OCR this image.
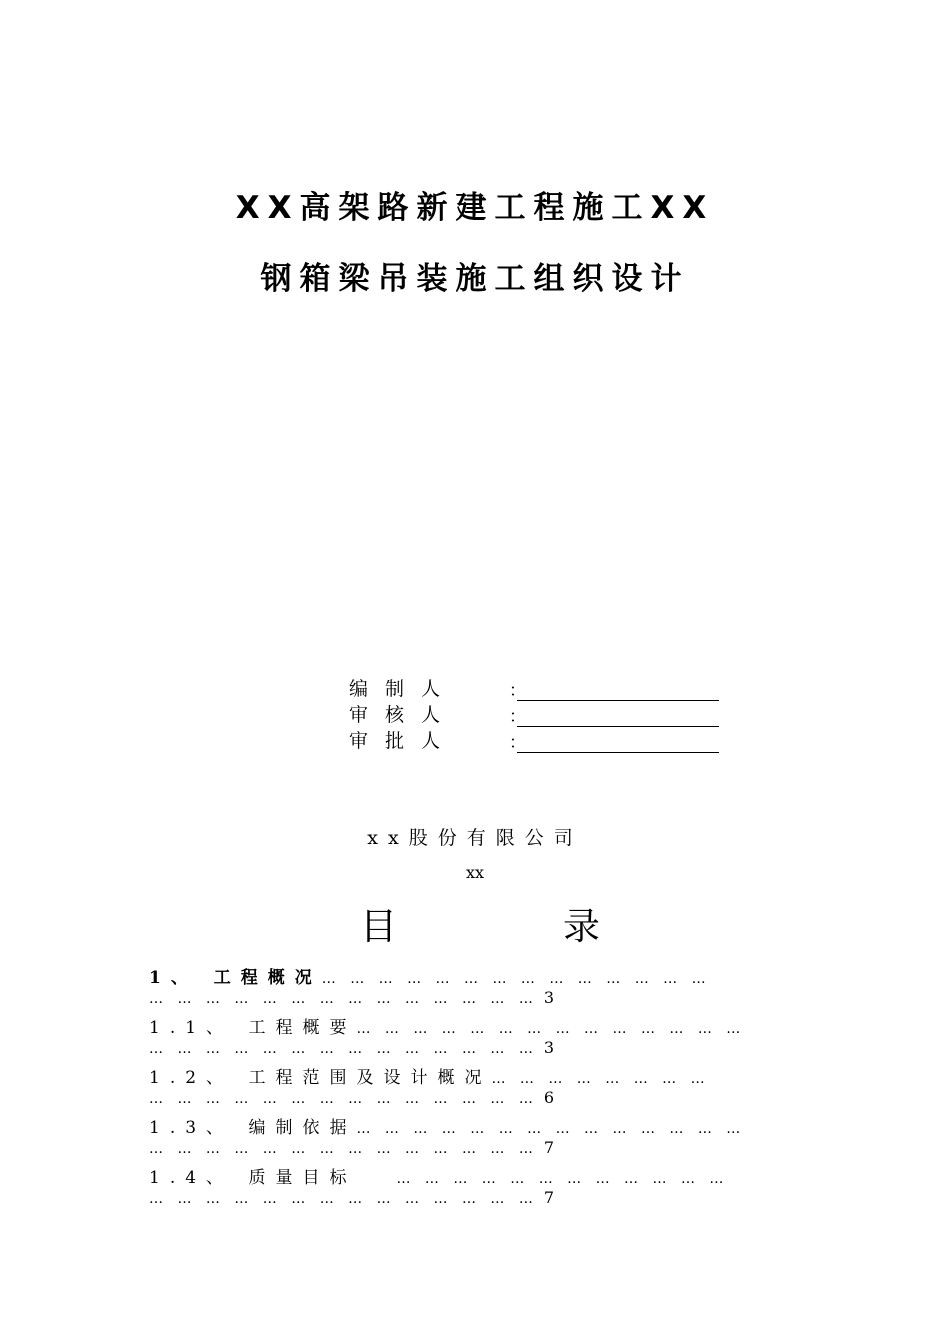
XX高架路新建工程施工XX
钢箱梁吊装施工组织设计
编制人	：
审核人	：
审批人	：
xx股份有限公司
xx
目	录
1、 工程概况 … … … … … … … … … … … … … …
… … … … … … … … … … … … … … 3
1.1、 工程概要 … … … … … … … … … … … … … …
… … … … … … … … … … … … … … 3
1.2、 工程范围及设计概况 … … … … … … … …
… … … … … … … … … … … … … … 6
1.3、 编制依据 … … … … … … … … … … … … … …
… … … … … … … … … … … … … … 7
1.4、 质量目标	… … … … … … … … … … … …
… … … … … … … … … … … … … … 7
